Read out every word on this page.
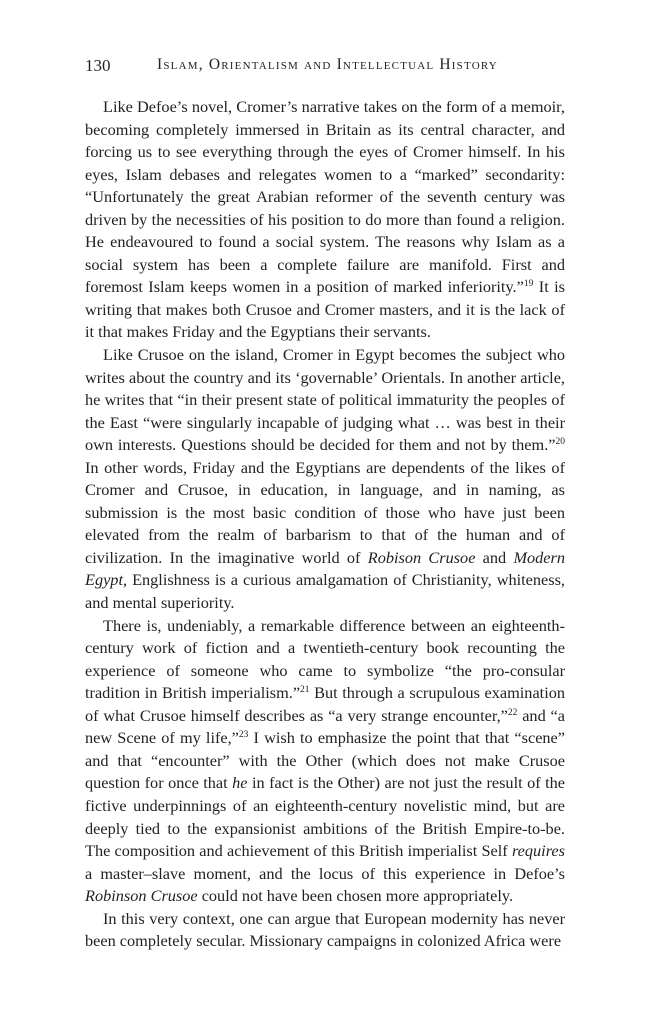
130	Islam, Orientalism and Intellectual History

Like Defoe’s novel, Cromer’s narrative takes on the form of a memoir, becoming completely immersed in Britain as its central character, and forcing us to see everything through the eyes of Cromer himself. In his eyes, Islam debases and relegates women to a “marked” secondarity: “Unfortunately the great Arabian reformer of the seventh century was driven by the necessities of his position to do more than found a religion. He endeavoured to found a social system. The reasons why Islam as a social system has been a complete failure are manifold. First and foremost Islam keeps women in a position of marked inferiority.”$^{19}$ It is writing that makes both Crusoe and Cromer masters, and it is the lack of it that makes Friday and the Egyptians their servants.

Like Crusoe on the island, Cromer in Egypt becomes the subject who writes about the country and its ‘governable’ Orientals. In another article, he writes that “in their present state of political immaturity the peoples of the East “were singularly incapable of judging what … was best in their own interests. Questions should be decided for them and not by them.”$^{20}$ In other words, Friday and the Egyptians are dependents of the likes of Cromer and Crusoe, in education, in language, and in naming, as submission is the most basic condition of those who have just been elevated from the realm of barbarism to that of the human and of civilization. In the imaginative world of Robison Crusoe and Modern Egypt, Englishness is a curious amalgamation of Christianity, whiteness, and mental superiority.

There is, undeniably, a remarkable difference between an eighteenth-century work of fiction and a twentieth-century book recounting the experience of someone who came to symbolize “the pro-consular tradition in British imperialism.”$^{21}$ But through a scrupulous examination of what Crusoe himself describes as “a very strange encounter,”$^{22}$ and “a new Scene of my life,”$^{23}$ I wish to emphasize the point that that “scene” and that “encounter” with the Other (which does not make Crusoe question for once that he in fact is the Other) are not just the result of the fictive underpinnings of an eighteenth-century novelistic mind, but are deeply tied to the expansionist ambitions of the British Empire-to-be. The composition and achievement of this British imperialist Self requires a master–slave moment, and the locus of this experience in Defoe’s Robinson Crusoe could not have been chosen more appropriately.

In this very context, one can argue that European modernity has never been completely secular. Missionary campaigns in colonized Africa were
